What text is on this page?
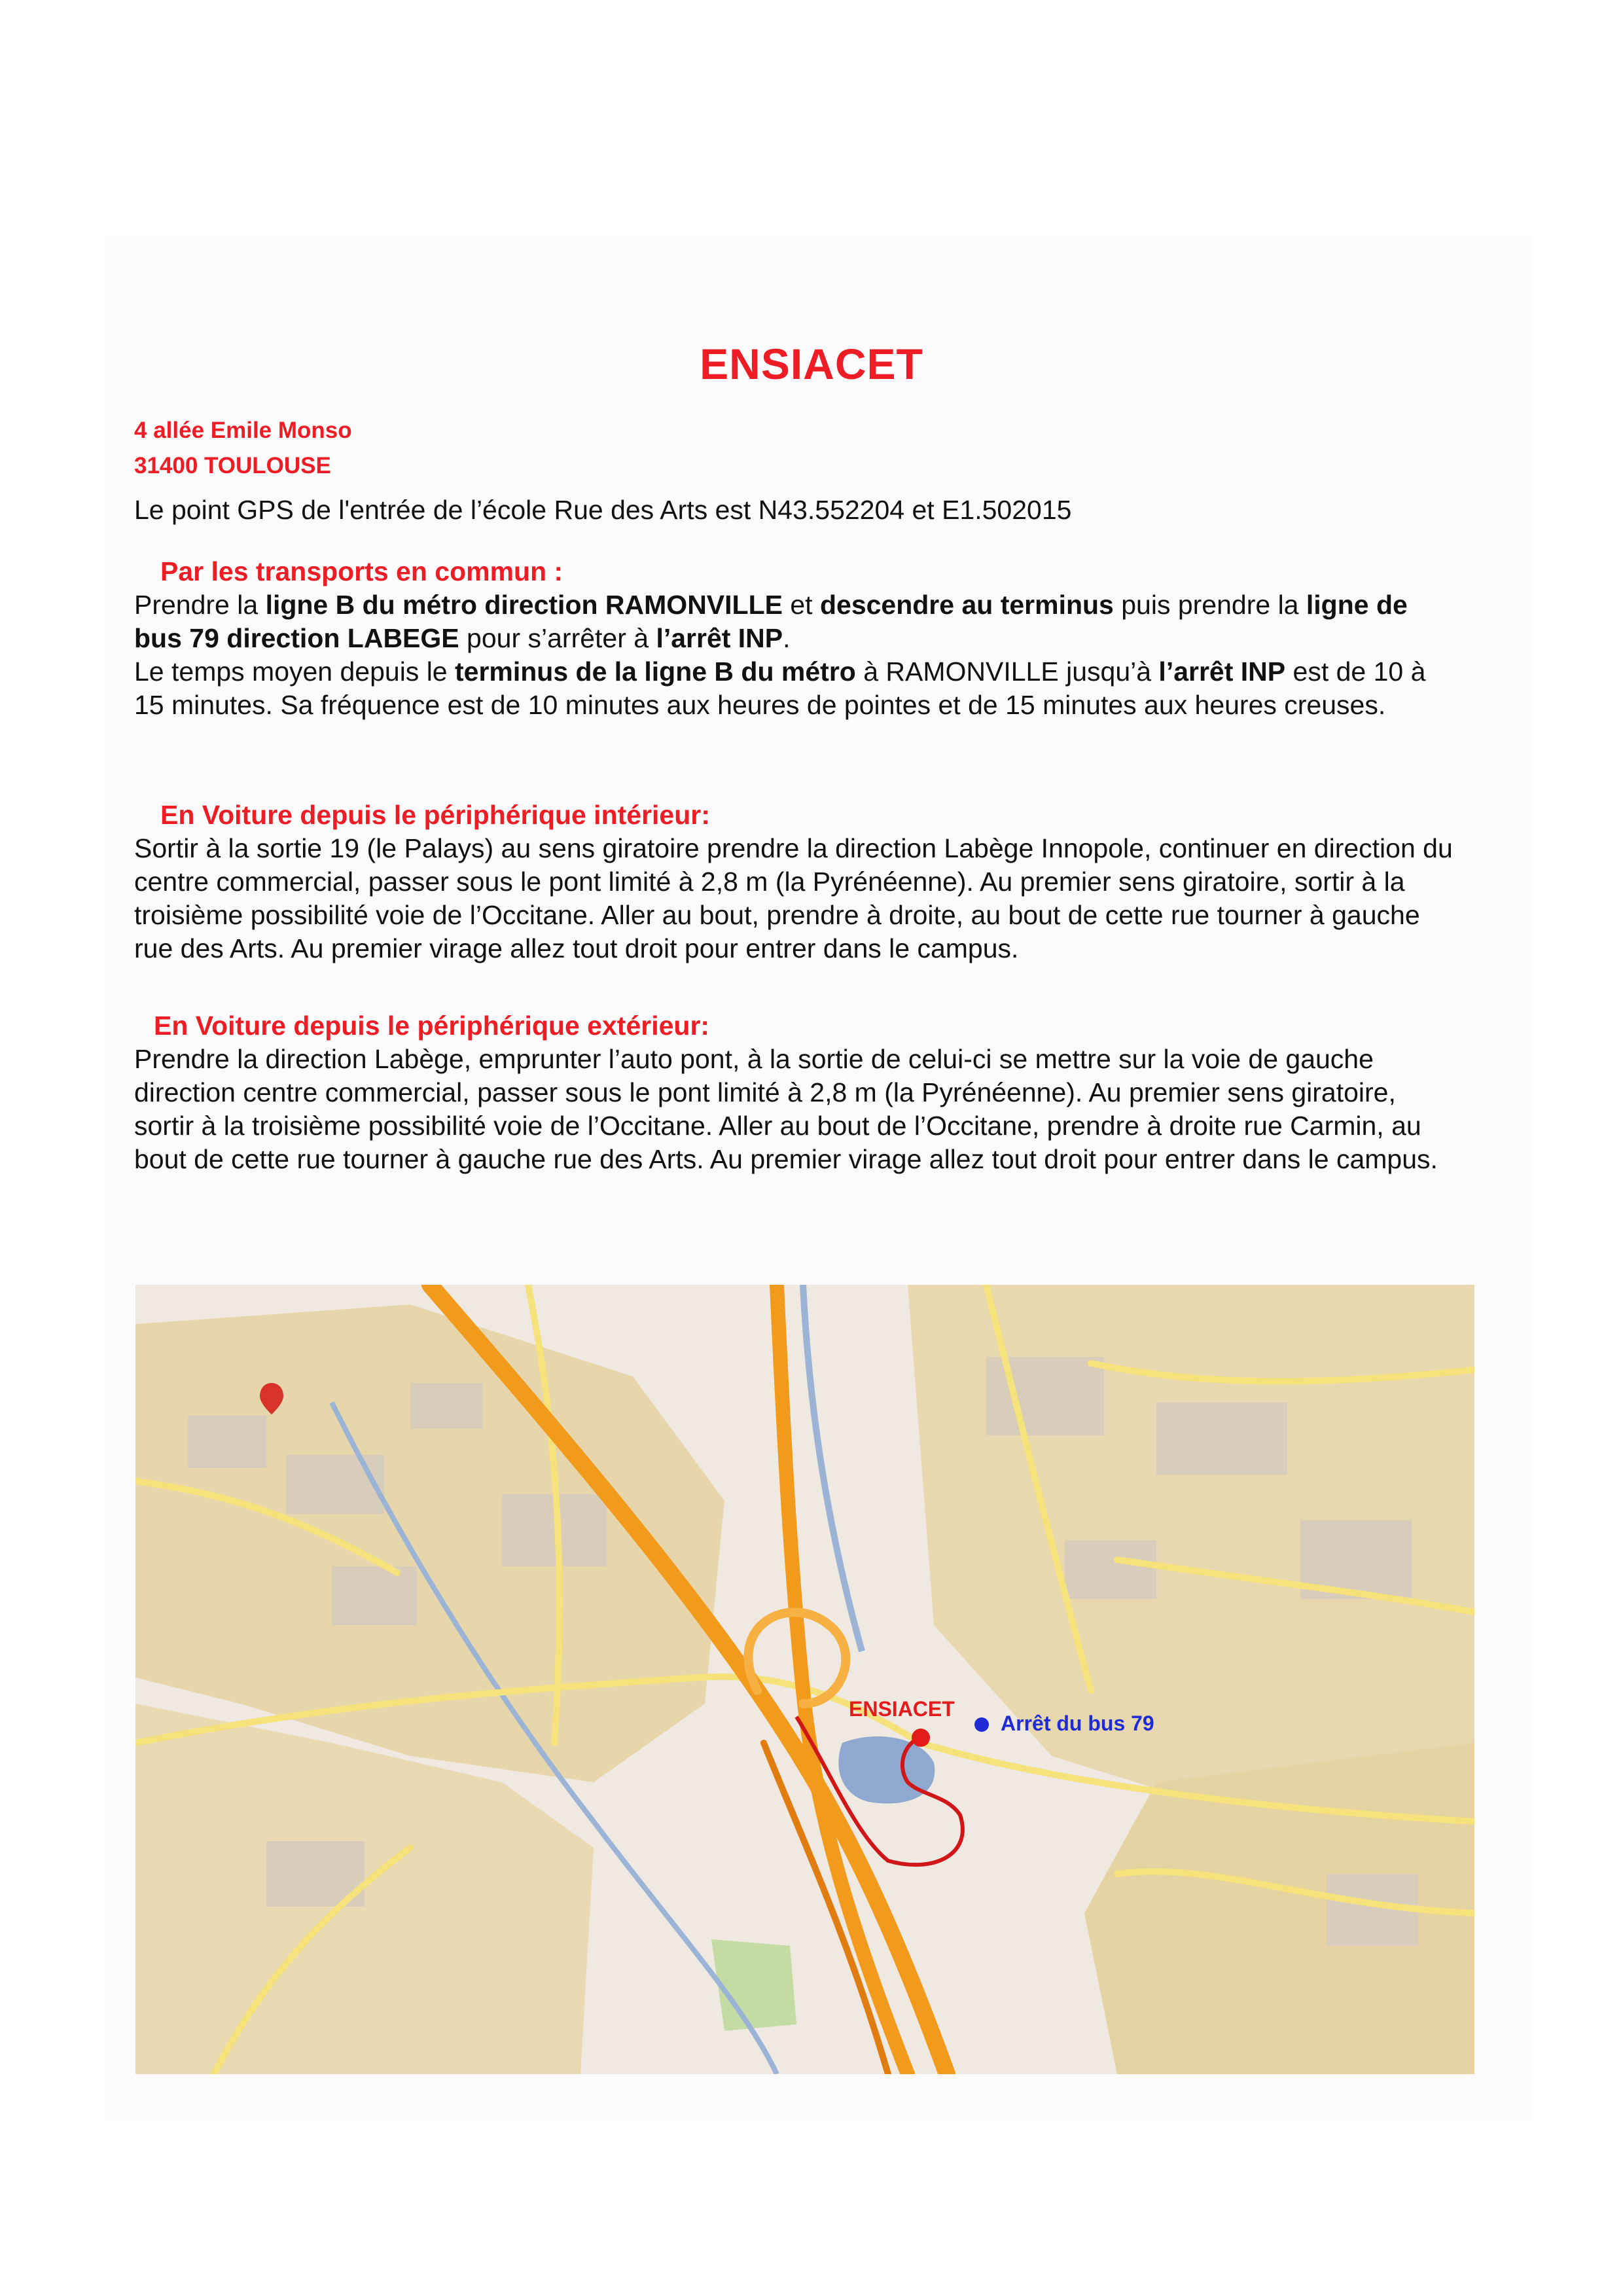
ENSIACET

4 allée Emile Monso

31400 TOULOUSE

Le point GPS de l'entrée de l’école Rue des Arts est N43.552204 et E1.502015

Par les transports en commun :

Prendre la ligne B du métro direction RAMONVILLE et descendre au terminus puis prendre la ligne de bus 79 direction LABEGE pour s’arrêter à l’arrêt INP.

Le temps moyen depuis le terminus de la ligne B du métro à RAMONVILLE jusqu’à l’arrêt INP est de 10 à 15 minutes. Sa fréquence est de 10 minutes aux heures de pointes et de 15 minutes aux heures creuses.

En Voiture depuis le périphérique intérieur:

Sortir à la sortie 19 (le Palays) au sens giratoire prendre la direction Labège Innopole, continuer en direction du centre commercial, passer sous le pont limité à 2,8 m (la Pyrénéenne). Au premier sens giratoire, sortir à la troisième possibilité voie de l’Occitane. Aller au bout, prendre à droite, au bout de cette rue tourner à gauche rue des Arts. Au premier virage allez tout droit pour entrer dans le campus.

En Voiture depuis le périphérique extérieur:

Prendre la direction Labège, emprunter l’auto pont, à la sortie de celui-ci se mettre sur la voie de gauche direction centre commercial, passer sous le pont limité à 2,8 m (la Pyrénéenne). Au premier sens giratoire, sortir à la troisième possibilité voie de l’Occitane. Aller au bout de l’Occitane, prendre à droite rue Carmin, au bout de cette rue tourner à gauche rue des Arts. Au premier virage allez tout droit pour entrer dans le campus.

ENSIACET
Arrêt du bus 79
